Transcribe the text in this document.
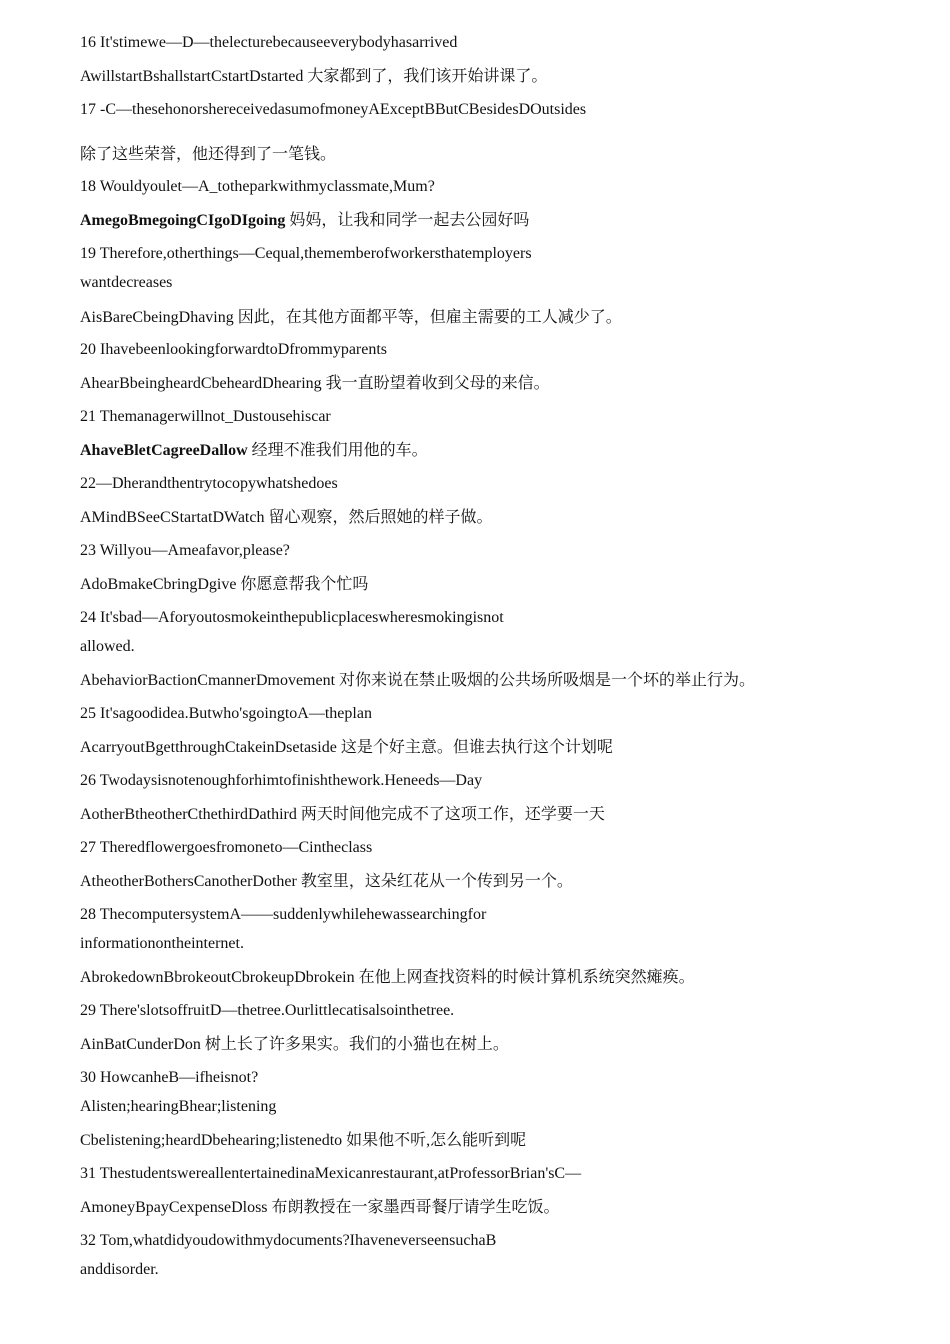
16 It'stimewe—D—thelecturebecauseeverybodyhasarrived

AwillstartBshallstartCstartDstarted 大家都到了，我们该开始讲课了。

17 -C—thesehonorshereceivedasumofmoneyAExceptBButCBesidesDOutsides

除了这些荣誉，他还得到了一笔钱。

18 Wouldyoulet—A_totheparkwithmyclassmate,Mum?

AmegoBmegoingCIgoDIgoing 妈妈，让我和同学一起去公园好吗

19 Therefore,otherthings—Cequal,thememberofworkersthatemployers

wantdecreases

AisBareCbeingDhaving 因此，在其他方面都平等，但雇主需要的工人减少了。

20 IhavebeenlookingforwardtoDfrommyparents

AhearBbeingheardCbeheardDhearing 我一直盼望着收到父母的来信。

21 Themanagerwillnot_Dustousehiscar

AhaveBletCagreeDallow 经理不准我们用他的车。

22—Dherandthentrytocopywhatshedoes

AMindBSeeCStartatDWatch 留心观察，然后照她的样子做。

23 Willyou—Ameafavor,please?

AdoBmakeCbringDgive 你愿意帮我个忙吗

24 It'sbad—Aforyoutosmokeinthepublicplaceswheresmokingisnot

allowed.

AbehaviorBactionCmannerDmovement 对你来说在禁止吸烟的公共场所吸烟是一个坏的举止行为。

25 It'sagoodidea.Butwho'sgoingtoA—theplan

AcarryoutBgetthroughCtakeinDsetaside 这是个好主意。但谁去执行这个计划呢

26 Twodaysisnotenoughforhimtofinishthework.Heneeds—Day

AotherBtheotherCthethirdDathird 两天时间他完成不了这项工作，还学要一天

27 Theredflowergoesfromoneto—Cintheclass

AtheotherBothersCanotherDother 教室里，这朵红花从一个传到另一个。

28 ThecomputersystemA——suddenlywhilehewassearchingfor

informationontheinternet.

AbrokedownBbrokeoutCbrokeupDbrokein 在他上网查找资料的时候计算机系统突然瘫痪。

29 There'slotsoffruitD—thetree.Ourlittlecatisalsointhetree.

AinBatCunderDon 树上长了许多果实。我们的小猫也在树上。

30 HowcanheB—ifheisnot?

Alisten;hearingBhear;listening

Cbelistening;heardDbehearing;listenedto 如果他不听,怎么能听到呢

31 ThestudentswereallentertainedinaMexicanrestaurant,atProfessorBrian'sC—

AmoneyBpayCexpenseDloss 布朗教授在一家墨西哥餐厅请学生吃饭。

32 Tom,whatdidyoudowithmydocuments?IhaveneverseensuchaB

anddisorder.
